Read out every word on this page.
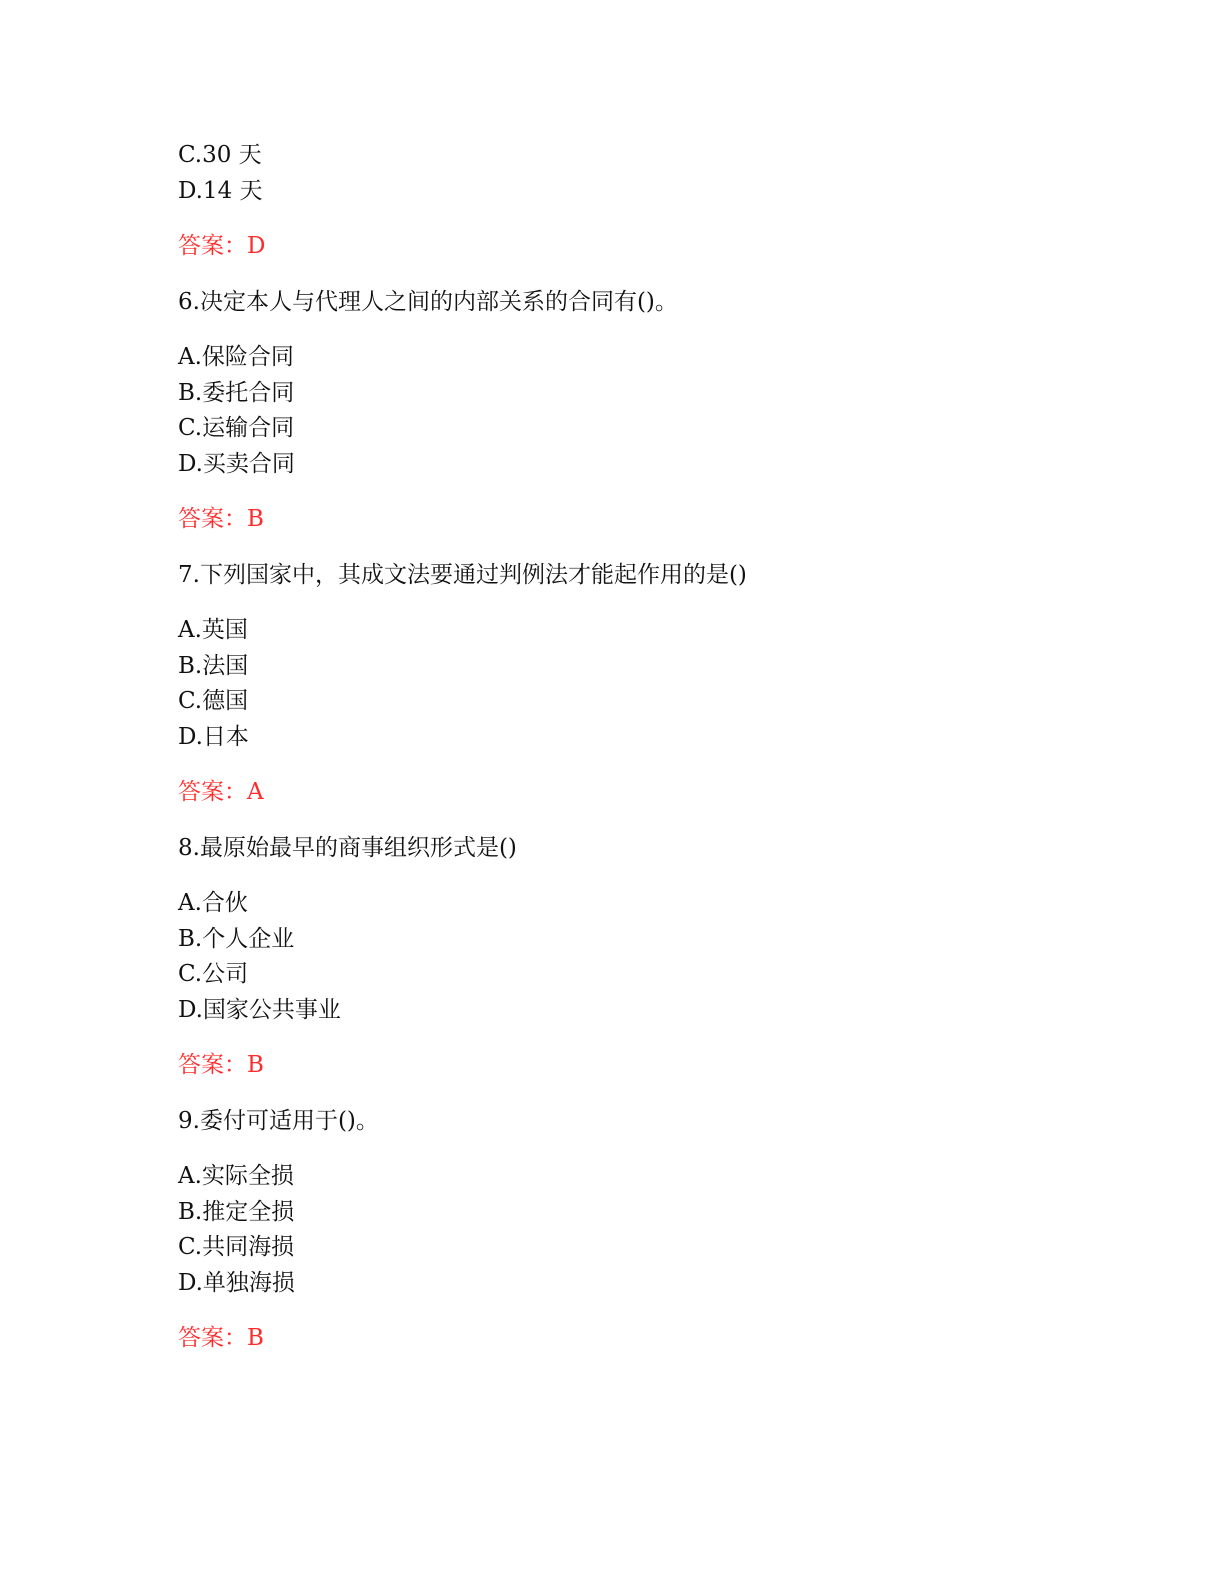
C.30 天
D.14 天
答案：D
6.决定本人与代理人之间的内部关系的合同有()。
A.保险合同
B.委托合同
C.运输合同
D.买卖合同
答案：B
7.下列国家中，其成文法要通过判例法才能起作用的是()
A.英国
B.法国
C.德国
D.日本
答案：A
8.最原始最早的商事组织形式是()
A.合伙
B.个人企业
C.公司
D.国家公共事业
答案：B
9.委付可适用于()。
A.实际全损
B.推定全损
C.共同海损
D.单独海损
答案：B
